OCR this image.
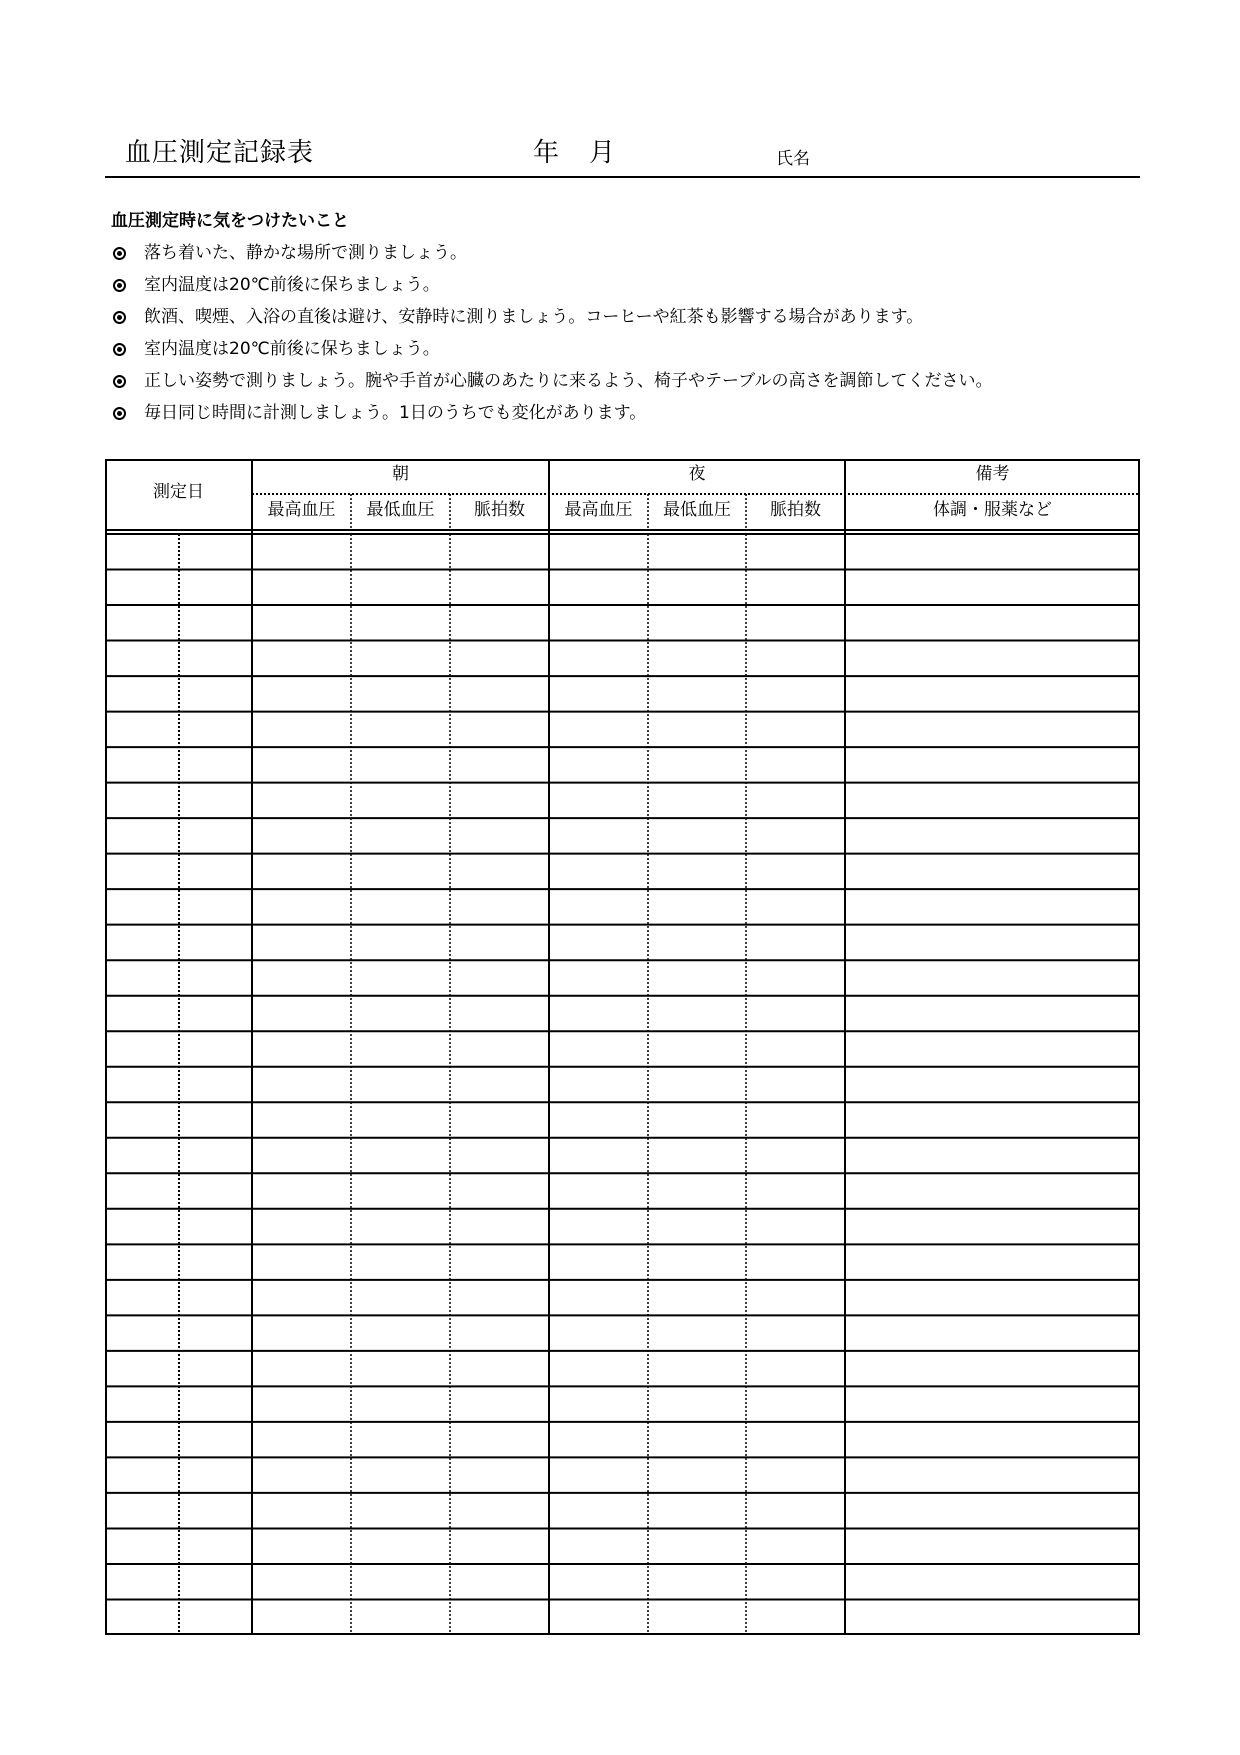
血圧測定記録表	年 月	氏名
血圧測定時に気をつけたいこと
落ち着いた、静かな場所で測りましょう。
室内温度は20℃前後に保ちましょう。
飲酒、喫煙、入浴の直後は避け、安静時に測りましょう。コーヒーや紅茶も影響する場合があります。
室内温度は20℃前後に保ちましょう。
正しい姿勢で測りましょう。腕や手首が心臓のあたりに来るよう、椅子やテーブルの高さを調節してください。
毎日同じ時間に計測しましょう。1日のうちでも変化があります。
測定日
朝	夜	備考
最高血圧	最低血圧	脈拍数	最高血圧	最低血圧	脈拍数	体調・服薬など
